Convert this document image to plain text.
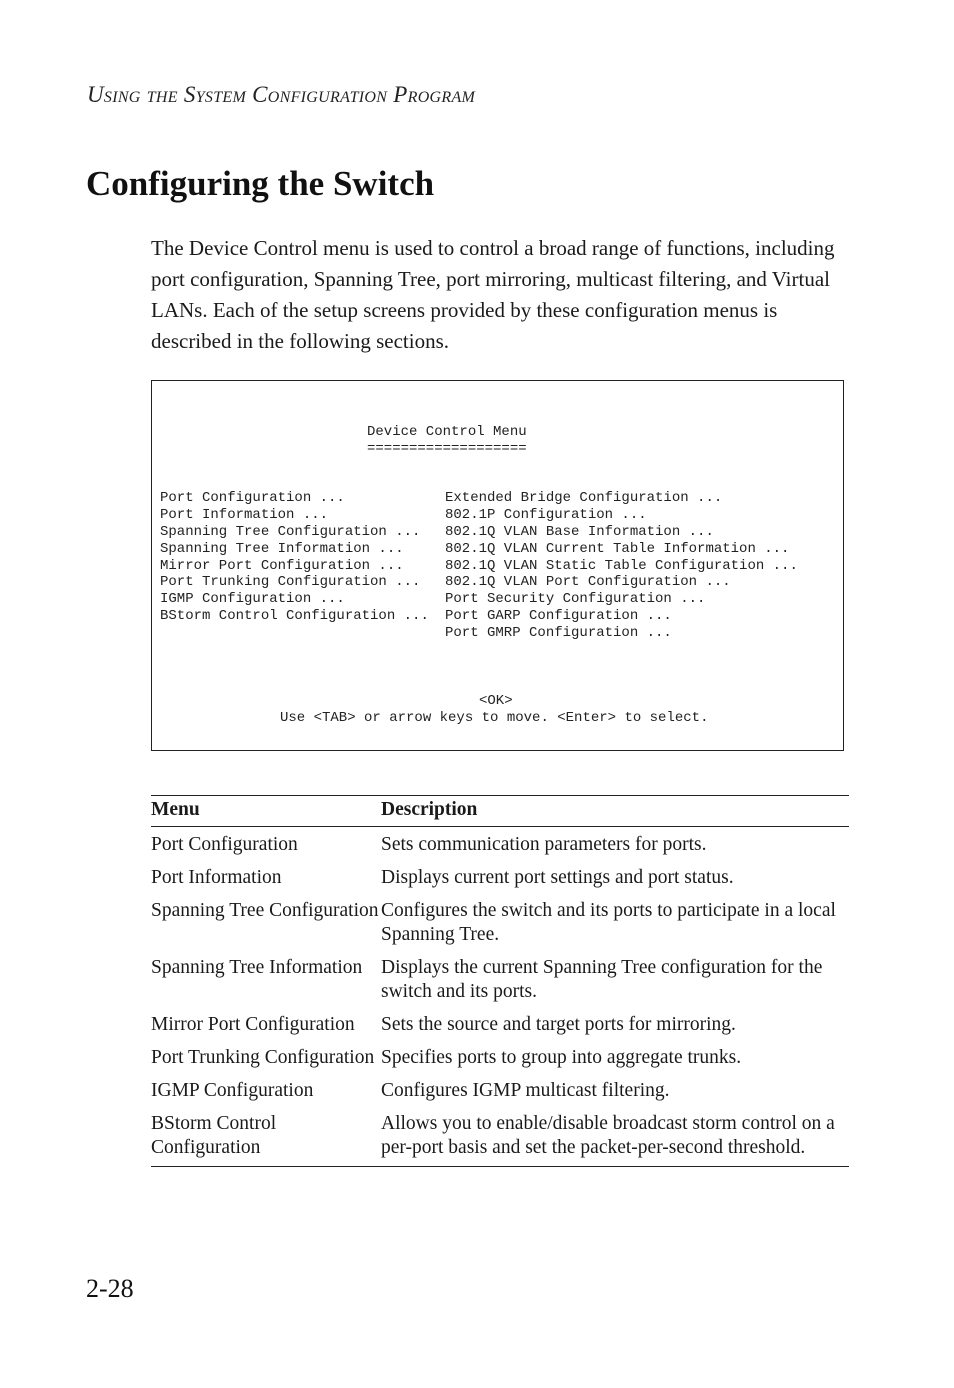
Using the System Configuration Program
Configuring the Switch

The Device Control menu is used to control a broad range of functions, including port configuration, Spanning Tree, port mirroring, multicast filtering, and Virtual LANs. Each of the setup screens provided by these configuration menus is described in the following sections.

Device Control Menu
===================
Port Configuration ...
Port Information ...
Spanning Tree Configuration ...
Spanning Tree Information ...
Mirror Port Configuration ...
Port Trunking Configuration ...
IGMP Configuration ...
BStorm Control Configuration ...
Extended Bridge Configuration ...
802.1P Configuration ...
802.1Q VLAN Base Information ...
802.1Q VLAN Current Table Information ...
802.1Q VLAN Static Table Configuration ...
802.1Q VLAN Port Configuration ...
Port Security Configuration ...
Port GARP Configuration ...
Port GMRP Configuration ...
<OK>
Use <TAB> or arrow keys to move. <Enter> to select.
Menu	Description
Port Configuration	Sets communication parameters for ports.
Port Information	Displays current port settings and port status.
Spanning Tree Configuration	Configures the switch and its ports to participate in a local Spanning Tree.
Spanning Tree Information	Displays the current Spanning Tree configuration for the switch and its ports.
Mirror Port Configuration	Sets the source and target ports for mirroring.
Port Trunking Configuration	Specifies ports to group into aggregate trunks.
IGMP Configuration	Configures IGMP multicast filtering.
BStorm Control Configuration	Allows you to enable/disable broadcast storm control on a per-port basis and set the packet-per-second threshold.
2-28
